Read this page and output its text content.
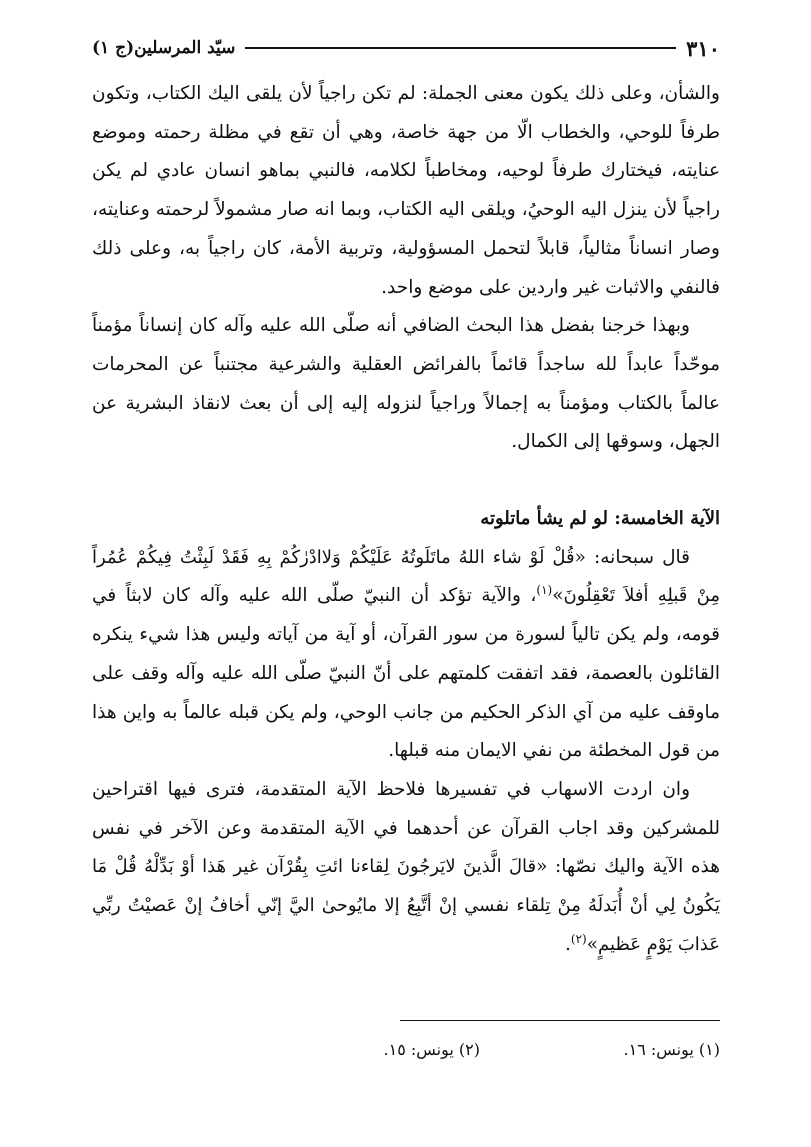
٣١٠
سيّد المرسلين(ج ١)

والشأن، وعلى ذلك يكون معنى الجملة: لم تكن راجياً لأن يلقى اليك الكتاب، وتكون طرفاً للوحي، والخطاب الّا من جهة خاصة، وهي أن تقع في مظلة رحمته وموضع عنايته، فيختارك طرفاً لوحيه، ومخاطباً لكلامه، فالنبي بماهو انسان عادي لم يكن راجياً لأن ينزل اليه الوحيُ، ويلقى اليه الكتاب، وبما انه صار مشمولاً لرحمته وعنايته، وصار انساناً مثالياً، قابلاً لتحمل المسؤولية، وتربية الأمة، كان راجياً به، وعلى ذلك فالنفي والاثبات غير واردين على موضع واحد.

وبهذا خرجنا بفضل هذا البحث الضافي أنه صلّى الله عليه وآله كان إنساناً مؤمناً موحّداً عابداً لله ساجداً قائماً بالفرائض العقلية والشرعية مجتنباً عن المحرمات عالماً بالكتاب ومؤمناً به إجمالاً وراجياً لنزوله إليه إلى أن بعث لانقاذ البشرية عن الجهل، وسوقها إلى الكمال.

الآية الخامسة: لو لم يشأ ماتلوته

قال سبحانه: «قُلْ لَوْ شاء اللهُ ماتَلَوتُهُ عَلَيْكُمْ وَلاادْرٰكُمْ بِهِ فَقَدْ لَبِثْتُ فِيكُمْ عُمُراً مِنْ قَبلِهِ أفلاَ تَعْقِلُونَ»$^{(١)}$، والآية تؤكد أن النبيّ صلّى الله عليه وآله كان لابثاً في قومه، ولم يكن تالياً لسورة من سور القرآن، أو آية من آياته وليس هذا شيء ينكره القائلون بالعصمة، فقد اتفقت كلمتهم على أنّ النبيّ صلّى الله عليه وآله وقف على ماوقف عليه من آي الذكر الحكيم من جانب الوحي، ولم يكن قبله عالماً به واين هذا من قول المخطئة من نفي الايمان منه قبلها.

وان اردت الاسهاب في تفسيرها فلاحظ الآية المتقدمة، فترى فيها اقتراحين للمشركين وقد اجاب القرآن عن أحدهما في الآية المتقدمة وعن الآخر في نفس هذه الآية واليك نصّها: «قالَ الَّذينَ لايَرجُونَ لِقاءنا ائتِ بِقُرْآن غير هَذا أوْ بَدِّلْهُ قُلْ مَا يَكُونُ لِي أنْ أُبَدلَهُ مِنْ تِلقاء نفسي إنْ أتَّبِعُ إلا مايُوحىٰ اليَّ إنّي أخافُ إنْ عَصيْتُ ربِّي عَذابَ يَوْمٍ عَظيمٍ»$^{(٢)}$.

(١) يونس: ١٦.
(٢) يونس: ١٥.
